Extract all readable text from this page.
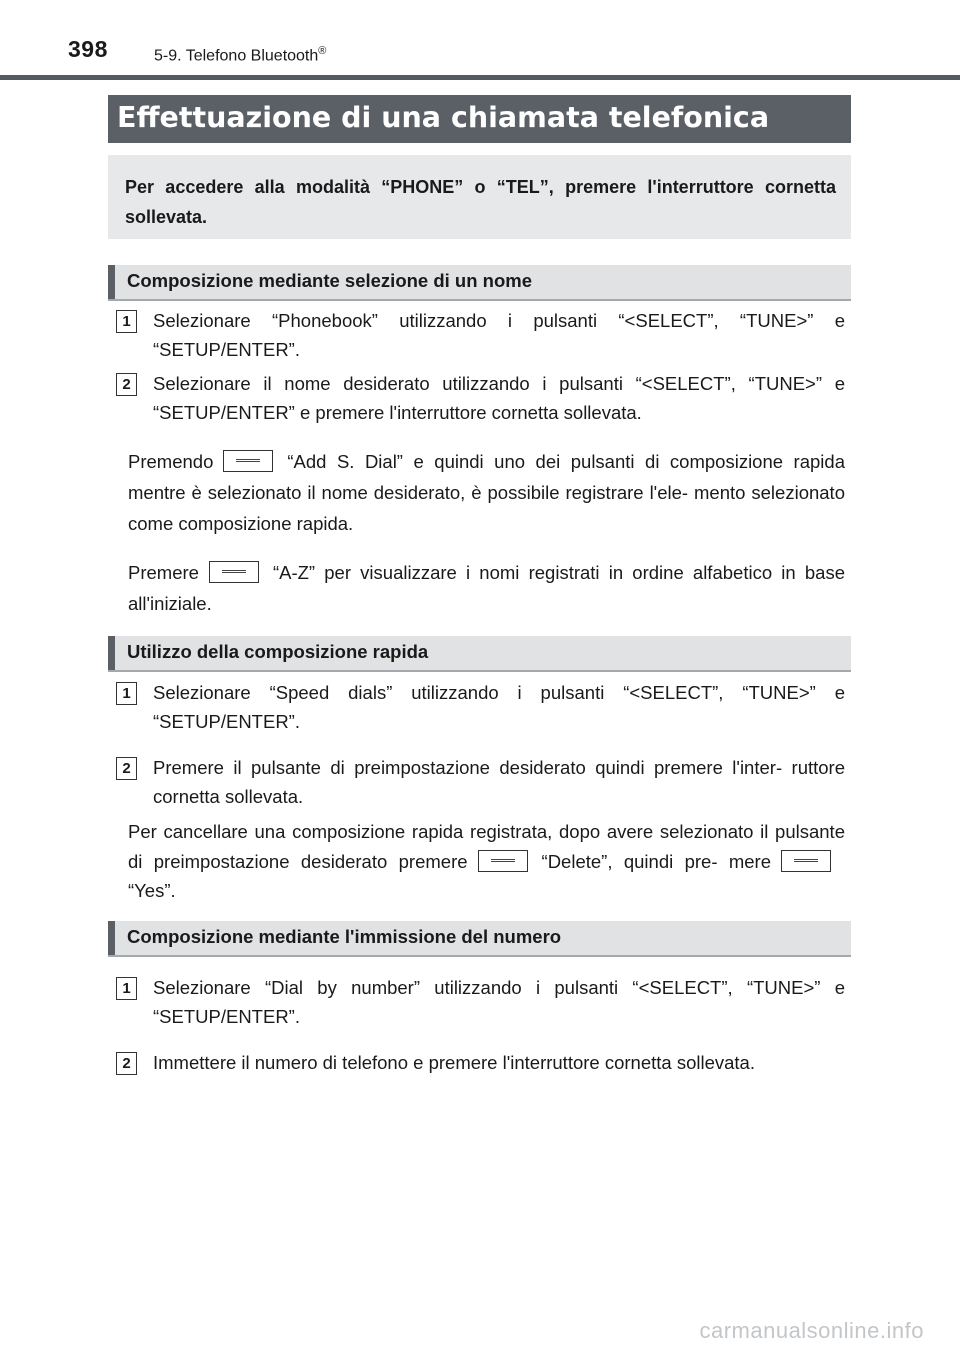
398	5-9. Telefono Bluetooth®
Effettuazione di una chiamata telefonica
Per accedere alla modalità “PHONE” o “TEL”, premere l'interruttore cornetta sollevata.
Composizione mediante selezione di un nome
1	Selezionare “Phonebook” utilizzando i pulsanti “<SELECT”, “TUNE>” e “SETUP/ENTER”.
2	Selezionare il nome desiderato utilizzando i pulsanti “<SELECT”, “TUNE>” e “SETUP/ENTER” e premere l'interruttore cornetta sollevata.
Premendo	“Add S. Dial” e quindi uno dei pulsanti di composizione rapida mentre è selezionato il nome desiderato, è possibile registrare l'ele- mento selezionato come composizione rapida.
Premere	“A-Z” per visualizzare i nomi registrati in ordine alfabetico in base all'iniziale.
Utilizzo della composizione rapida
1	Selezionare “Speed dials” utilizzando i pulsanti “<SELECT”, “TUNE>” e “SETUP/ENTER”.
2	Premere il pulsante di preimpostazione desiderato quindi premere l'inter- ruttore cornetta sollevata.
Per cancellare una composizione rapida registrata, dopo avere selezionato il pulsante di preimpostazione desiderato premere	“Delete”, quindi pre- mere“Yes”.
Composizione mediante l'immissione del numero
1	Selezionare “Dial by number” utilizzando i pulsanti “<SELECT”, “TUNE>” e “SETUP/ENTER”.
2	Immettere il numero di telefono e premere l'interruttore cornetta sollevata.
carmanualsonline.info
